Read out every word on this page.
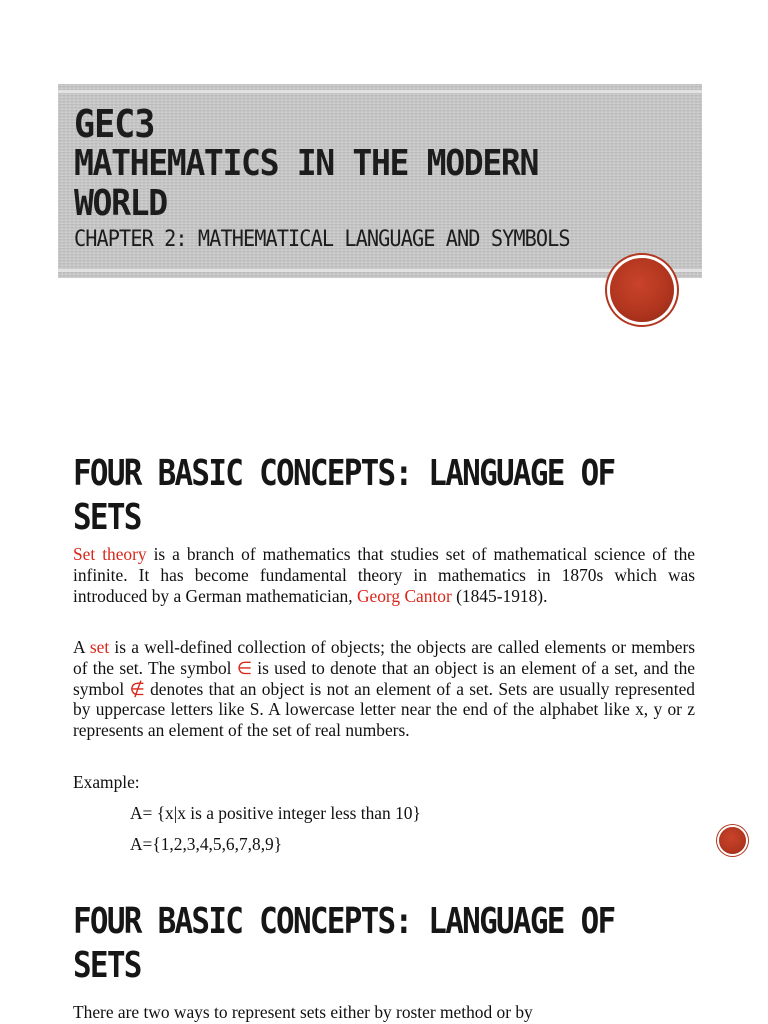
GEC3
MATHEMATICS IN THE MODERN
WORLD
CHAPTER 2: MATHEMATICAL LANGUAGE AND SYMBOLS
FOUR BASIC CONCEPTS: LANGUAGE OF
SETS
Set theory is a branch of mathematics that studies set of mathematical science of the infinite. It has become fundamental theory in mathematics in 1870s which was introduced by a German mathematician, Georg Cantor (1845-1918).
A set is a well-defined collection of objects; the objects are called elements or members of the set. The symbol ∈ is used to denote that an object is an element of a set, and the symbol ∉ denotes that an object is not an element of a set. Sets are usually represented by uppercase letters like S. A lowercase letter near the end of the alphabet like x, y or z represents an element of the set of real numbers.
Example:
A= {x|x is a positive integer less than 10}
A={1,2,3,4,5,6,7,8,9}
FOUR BASIC CONCEPTS: LANGUAGE OF
SETS
There are two ways to represent sets either by roster method or by
